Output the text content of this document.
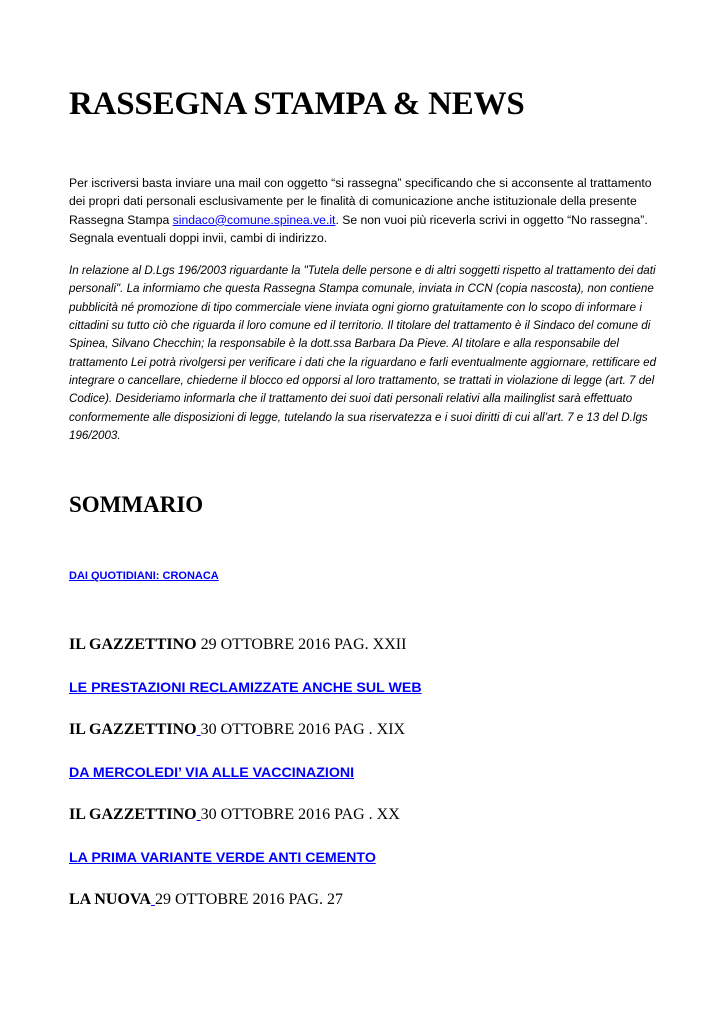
RASSEGNA STAMPA & NEWS

Per iscriversi basta inviare una mail con oggetto “si rassegna” specificando che si acconsente al trattamento dei propri dati personali esclusivamente per le finalità di comunicazione anche istituzionale della presente Rassegna Stampa sindaco@comune.spinea.ve.it. Se non vuoi più riceverla scrivi in oggetto “No rassegna”. Segnala eventuali doppi invii, cambi di indirizzo.

In relazione al D.Lgs 196/2003 riguardante la "Tutela delle persone e di altri soggetti rispetto al trattamento dei dati personali". La informiamo che questa Rassegna Stampa comunale, inviata in CCN (copia nascosta), non contiene pubblicità né promozione di tipo commerciale viene inviata ogni giorno gratuitamente con lo scopo di informare i cittadini su tutto ciò che riguarda il loro comune ed il territorio. Il titolare del trattamento è il Sindaco del comune di Spinea, Silvano Checchin; la responsabile è la dott.ssa Barbara Da Pieve. Al titolare e alla responsabile del trattamento Lei potrà rivolgersi per verificare i dati che la riguardano e farli eventualmente aggiornare, rettificare ed integrare o cancellare, chiederne il blocco ed opporsi al loro trattamento, se trattati in violazione di legge (art. 7 del Codice). Desideriamo informarla che il trattamento dei suoi dati personali relativi alla mailinglist sarà effettuato conformemente alle disposizioni di legge, tutelando la sua riservatezza e i suoi diritti di cui all’art. 7 e 13 del D.lgs 196/2003.

SOMMARIO
DAI QUOTIDIANI: CRONACA

IL GAZZETTINO 29 OTTOBRE 2016 PAG. XXII

LE PRESTAZIONI RECLAMIZZATE ANCHE SUL WEB

IL GAZZETTINO 30 OTTOBRE 2016 PAG . XIX

DA MERCOLEDI’ VIA ALLE VACCINAZIONI

IL GAZZETTINO 30 OTTOBRE 2016 PAG . XX

LA PRIMA VARIANTE VERDE ANTI CEMENTO

LA NUOVA 29 OTTOBRE 2016 PAG. 27
